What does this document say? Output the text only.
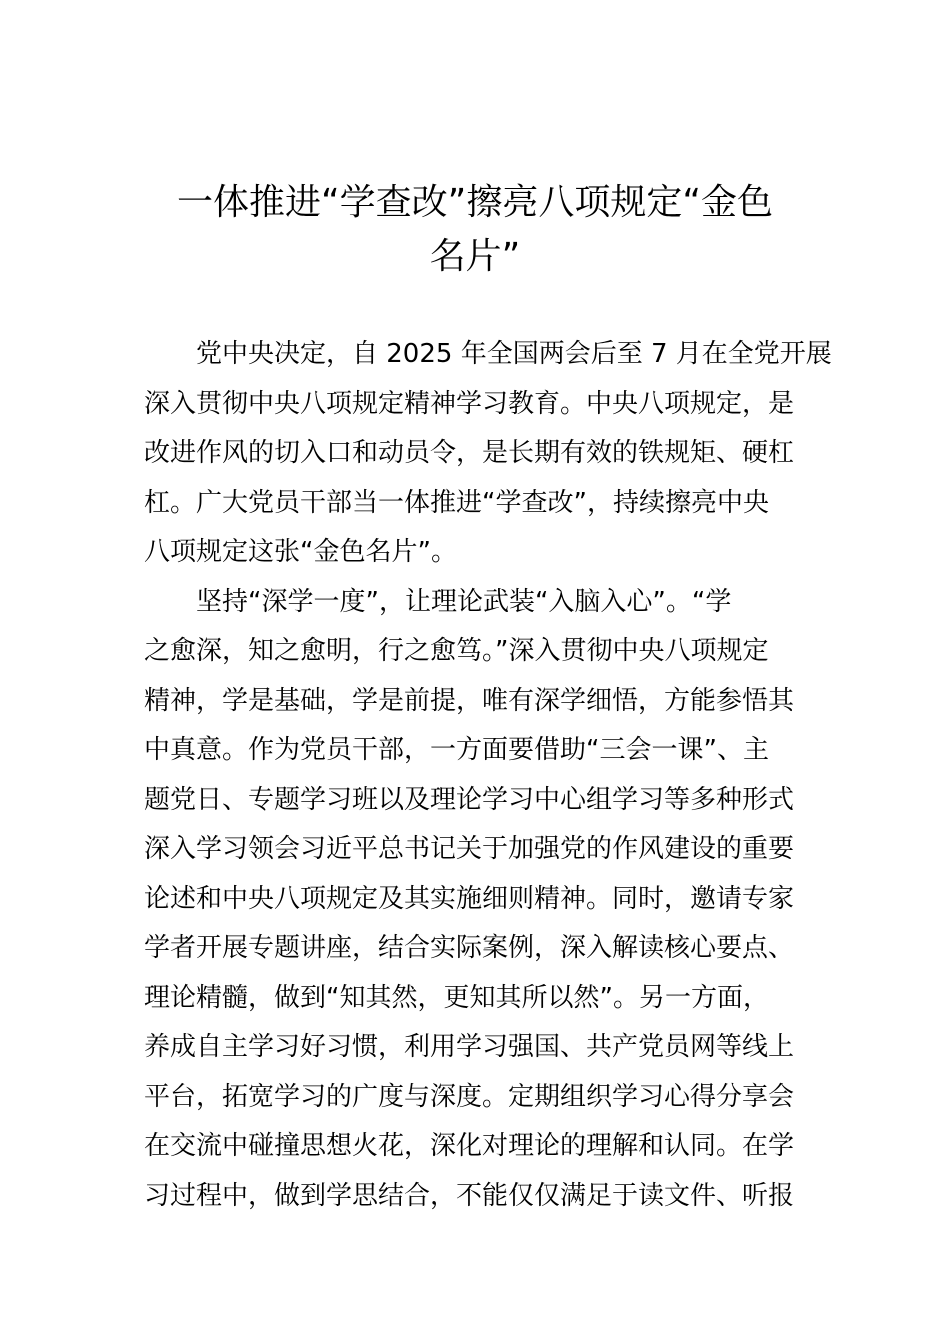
一体推进“学查改”擦亮八项规定“金色
名片”

党中央决定，自 2025 年全国两会后至 7 月在全党开展
深入贯彻中央八项规定精神学习教育。中央八项规定，是
改进作风的切入口和动员令，是长期有效的铁规矩、硬杠
杠。广大党员干部当一体推进“学查改”，持续擦亮中央
八项规定这张“金色名片”。

坚持“深学一度”，让理论武装“入脑入心”。“学
之愈深，知之愈明，行之愈笃。”深入贯彻中央八项规定
精神，学是基础，学是前提，唯有深学细悟，方能参悟其
中真意。作为党员干部，一方面要借助“三会一课”、主
题党日、专题学习班以及理论学习中心组学习等多种形式
深入学习领会习近平总书记关于加强党的作风建设的重要
论述和中央八项规定及其实施细则精神。同时，邀请专家
学者开展专题讲座，结合实际案例，深入解读核心要点、
理论精髓，做到“知其然，更知其所以然”。另一方面，
养成自主学习好习惯，利用学习强国、共产党员网等线上
平台，拓宽学习的广度与深度。定期组织学习心得分享会
在交流中碰撞思想火花，深化对理论的理解和认同。在学
习过程中，做到学思结合，不能仅仅满足于读文件、听报
